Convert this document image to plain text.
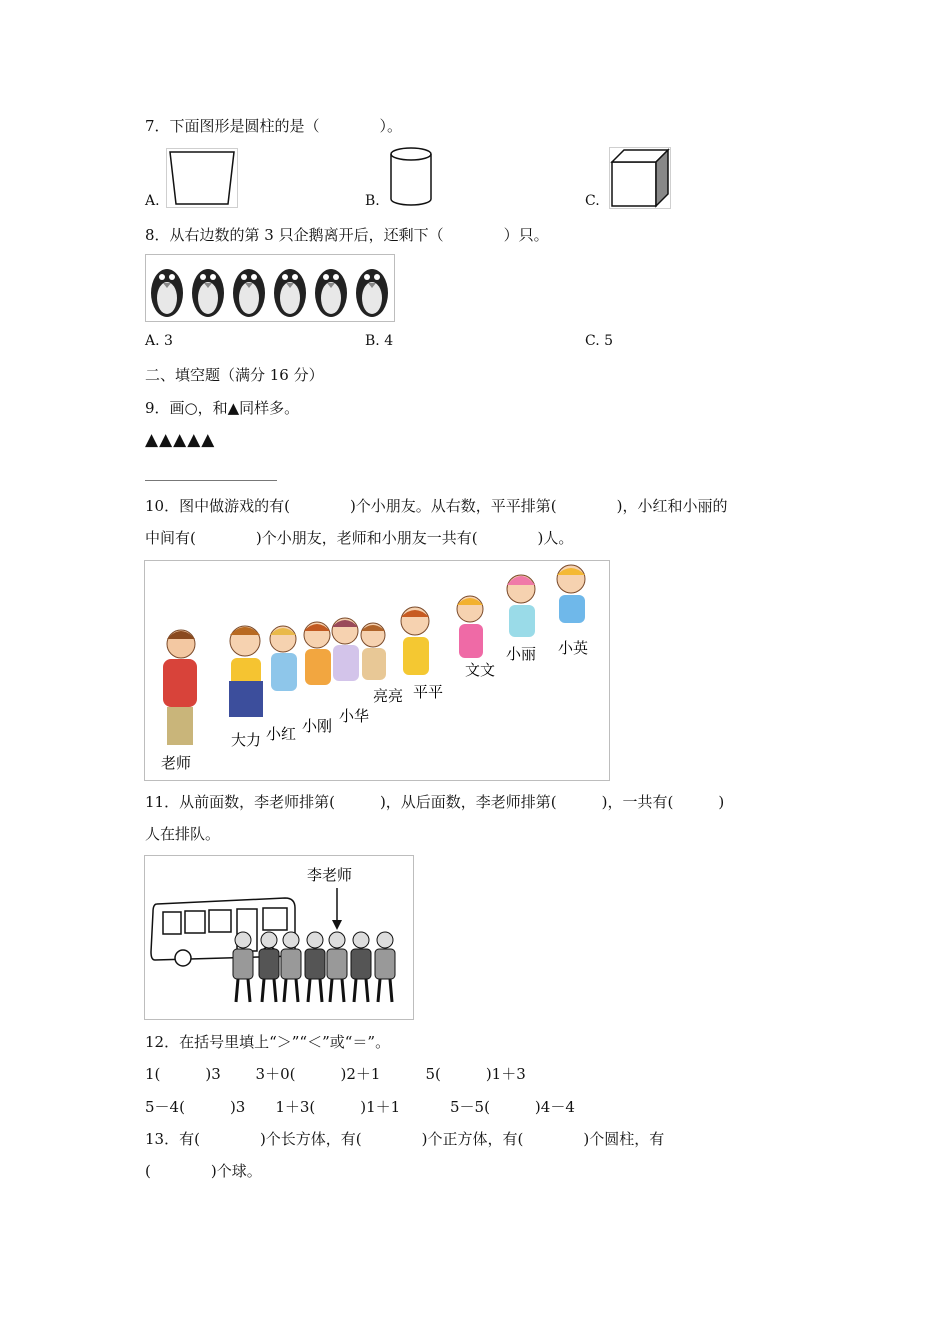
7．下面图形是圆柱的是（　　　　）。
A.	B.	C.
8．从右边数的第 3 只企鹅离开后，还剩下（　　　　）只。
A. 3	B. 4	C. 5
二、填空题（满分 16 分）
9．画○，和▲同样多。
▲▲▲▲▲
10．图中做游戏的有(　　　　)个小朋友。从右数，平平排第(　　　　)，小红和小丽的
中间有(　　　　)个小朋友，老师和小朋友一共有(　　　　)人。
老师
大力 小红 小刚
小华
亮亮 平平
文文
小丽 小英
11．从前面数，李老师排第(　　　)，从后面数，李老师排第(　　　)，一共有(　　　)
人在排队。
李老师
12．在括号里填上“＞”“＜”或“＝”。
1(　　　)3　　 3＋0(　　　)2＋1　　　5(　　　)1＋3
5－4(　　　)3　　1＋3(　　　)1＋1　　　 5－5(　　　)4－4
13．有(　　　　)个长方体，有(　　　　)个正方体，有(　　　　)个圆柱，有
(　　　　)个球。
